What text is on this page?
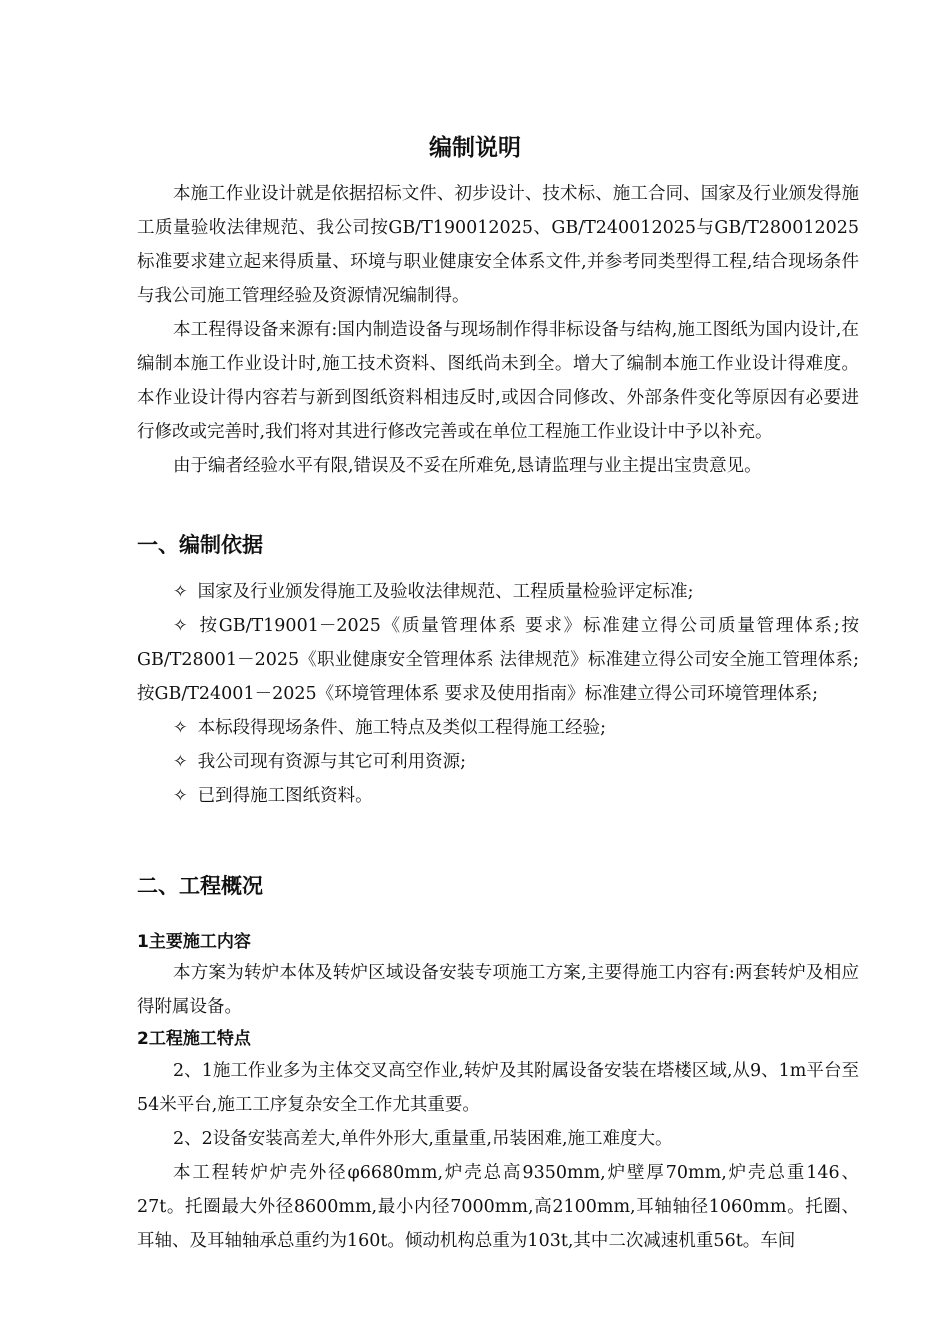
编制说明

本施工作业设计就是依据招标文件、初步设计、技术标、施工合同、国家及行业颁发得施工质量验收法律规范、我公司按GB/T190012025、GB/T240012025与GB/T280012025标准要求建立起来得质量、环境与职业健康安全体系文件,并参考同类型得工程,结合现场条件与我公司施工管理经验及资源情况编制得。

本工程得设备来源有:国内制造设备与现场制作得非标设备与结构,施工图纸为国内设计,在编制本施工作业设计时,施工技术资料、图纸尚未到全。增大了编制本施工作业设计得难度。本作业设计得内容若与新到图纸资料相违反时,或因合同修改、外部条件变化等原因有必要进行修改或完善时,我们将对其进行修改完善或在单位工程施工作业设计中予以补充。

由于编者经验水平有限,错误及不妥在所难免,恳请监理与业主提出宝贵意见。

一、编制依据

✧ 国家及行业颁发得施工及验收法律规范、工程质量检验评定标准;

✧ 按GB/T19001－2025《质量管理体系 要求》标准建立得公司质量管理体系;按GB/T28001－2025《职业健康安全管理体系 法律规范》标准建立得公司安全施工管理体系;按GB/T24001－2025《环境管理体系 要求及使用指南》标准建立得公司环境管理体系;

✧ 本标段得现场条件、施工特点及类似工程得施工经验;

✧ 我公司现有资源与其它可利用资源;

✧ 已到得施工图纸资料。

二、工程概况
1主要施工内容

本方案为转炉本体及转炉区域设备安装专项施工方案,主要得施工内容有:两套转炉及相应得附属设备。

2工程施工特点

2、1施工作业多为主体交叉高空作业,转炉及其附属设备安装在塔楼区域,从9、1m平台至54米平台,施工工序复杂安全工作尤其重要。

2、2设备安装高差大,单件外形大,重量重,吊装困难,施工难度大。

本工程转炉炉壳外径φ6680mm,炉壳总高9350mm,炉壁厚70mm,炉壳总重146、27t。托圈最大外径8600mm,最小内径7000mm,高2100mm,耳轴轴径1060mm。托圈、耳轴、及耳轴轴承总重约为160t。倾动机构总重为103t,其中二次减速机重56t。车间
